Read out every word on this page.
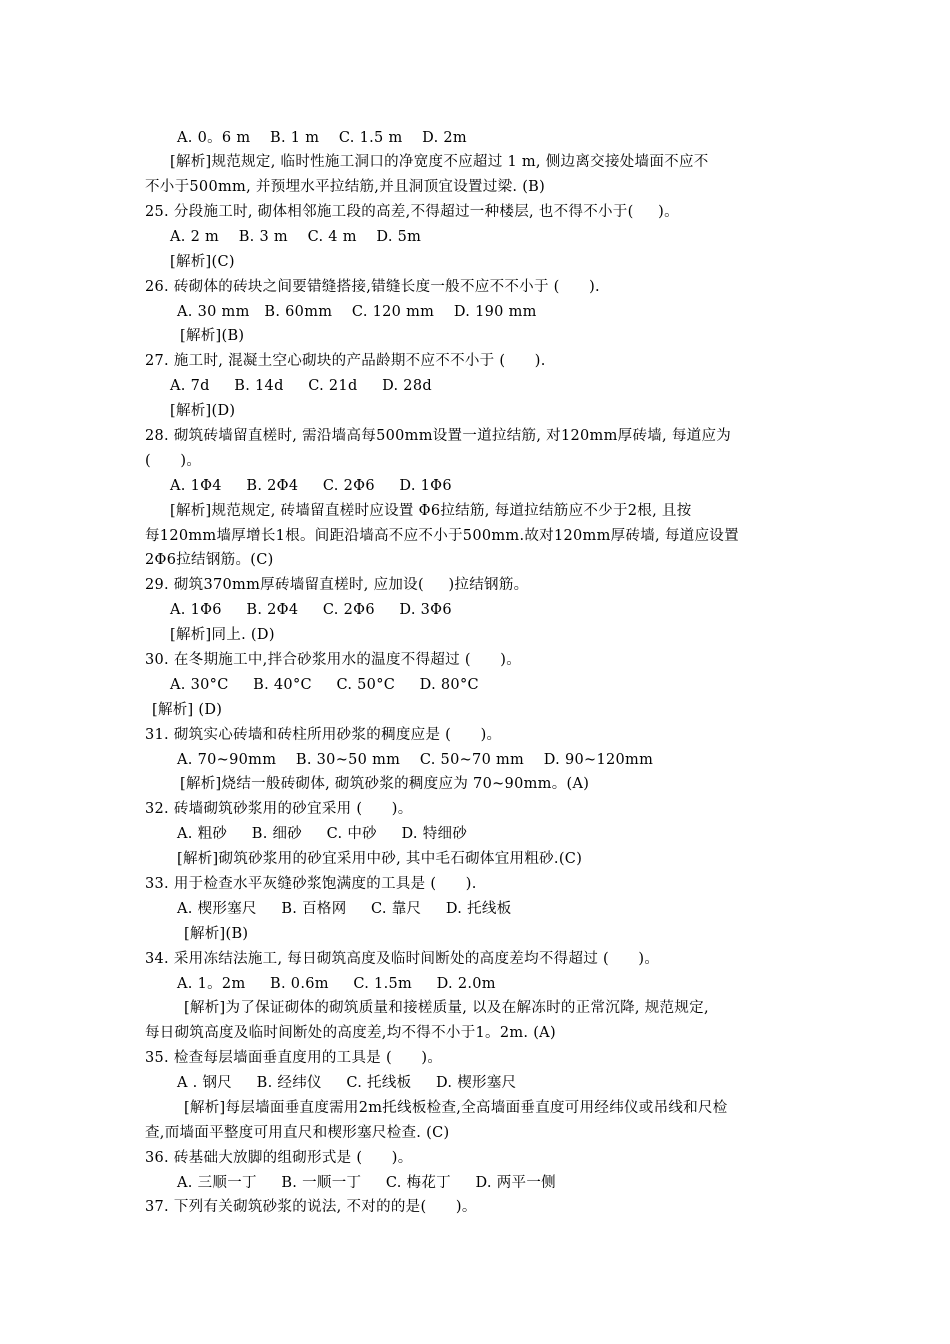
A. 0。6 m    B. 1 m    C. 1.5 m    D. 2m
[解析]规范规定, 临时性施工洞口的净宽度不应超过 1 m, 侧边离交接处墙面不应不
不小于500mm, 并预埋水平拉结筋,并且洞顶宜设置过梁. (B)
25. 分段施工时, 砌体相邻施工段的高差,不得超过一种楼层, 也不得不小于(     )。
A. 2 m    B. 3 m    C. 4 m    D. 5m
[解析](C)
26. 砖砌体的砖块之间要错缝搭接,错缝长度一般不应不不小于 (      ).
A. 30 mm   B. 60mm    C. 120 mm    D. 190 mm
[解析](B)
27. 施工时, 混凝土空心砌块的产品龄期不应不不小于 (      ).
A. 7d     B. 14d     C. 21d     D. 28d
[解析](D)
28. 砌筑砖墙留直槎时, 需沿墙高每500mm设置一道拉结筋, 对120mm厚砖墙, 每道应为
(      )。
A. 1Φ4     B. 2Φ4     C. 2Φ6     D. 1Φ6
[解析]规范规定, 砖墙留直槎时应设置 Φ6拉结筋, 每道拉结筋应不少于2根, 且按
每120mm墙厚增长1根。间距沿墙高不应不小于500mm.故对120mm厚砖墙, 每道应设置
2Φ6拉结钢筋。(C)
29. 砌筑370mm厚砖墙留直槎时, 应加设(     )拉结钢筋。
A. 1Φ6     B. 2Φ4     C. 2Φ6     D. 3Φ6
[解析]同上. (D)
30. 在冬期施工中,拌合砂浆用水的温度不得超过 (      )。
A. 30°C     B. 40°C     C. 50°C     D. 80°C
[解析] (D)
31. 砌筑实心砖墙和砖柱所用砂浆的稠度应是 (      )。
A. 70~90mm    B. 30~50 mm    C. 50~70 mm    D. 90~120mm
[解析]烧结一般砖砌体, 砌筑砂浆的稠度应为 70~90mm。(A)
32. 砖墙砌筑砂浆用的砂宜采用 (      )。
A. 粗砂     B. 细砂     C. 中砂     D. 特细砂
[解析]砌筑砂浆用的砂宜采用中砂, 其中毛石砌体宜用粗砂.(C)
33. 用于检查水平灰缝砂浆饱满度的工具是 (      ).
A. 楔形塞尺     B. 百格网     C. 靠尺     D. 托线板
[解析](B)
34. 采用冻结法施工, 每日砌筑高度及临时间断处的高度差均不得超过 (      )。
A. 1。2m     B. 0.6m     C. 1.5m     D. 2.0m
[解析]为了保证砌体的砌筑质量和接槎质量, 以及在解冻时的正常沉降, 规范规定,
每日砌筑高度及临时间断处的高度差,均不得不小于1。2m. (A)
35. 检查每层墙面垂直度用的工具是 (      )。
A . 钢尺     B. 经纬仪     C. 托线板     D. 楔形塞尺
[解析]每层墙面垂直度需用2m托线板检查,全高墙面垂直度可用经纬仪或吊线和尺检
查,而墙面平整度可用直尺和楔形塞尺检查. (C)
36. 砖基础大放脚的组砌形式是 (      )。
A. 三顺一丁     B. 一顺一丁     C. 梅花丁     D. 两平一侧
37. 下列有关砌筑砂浆的说法, 不对的的是(      )。
